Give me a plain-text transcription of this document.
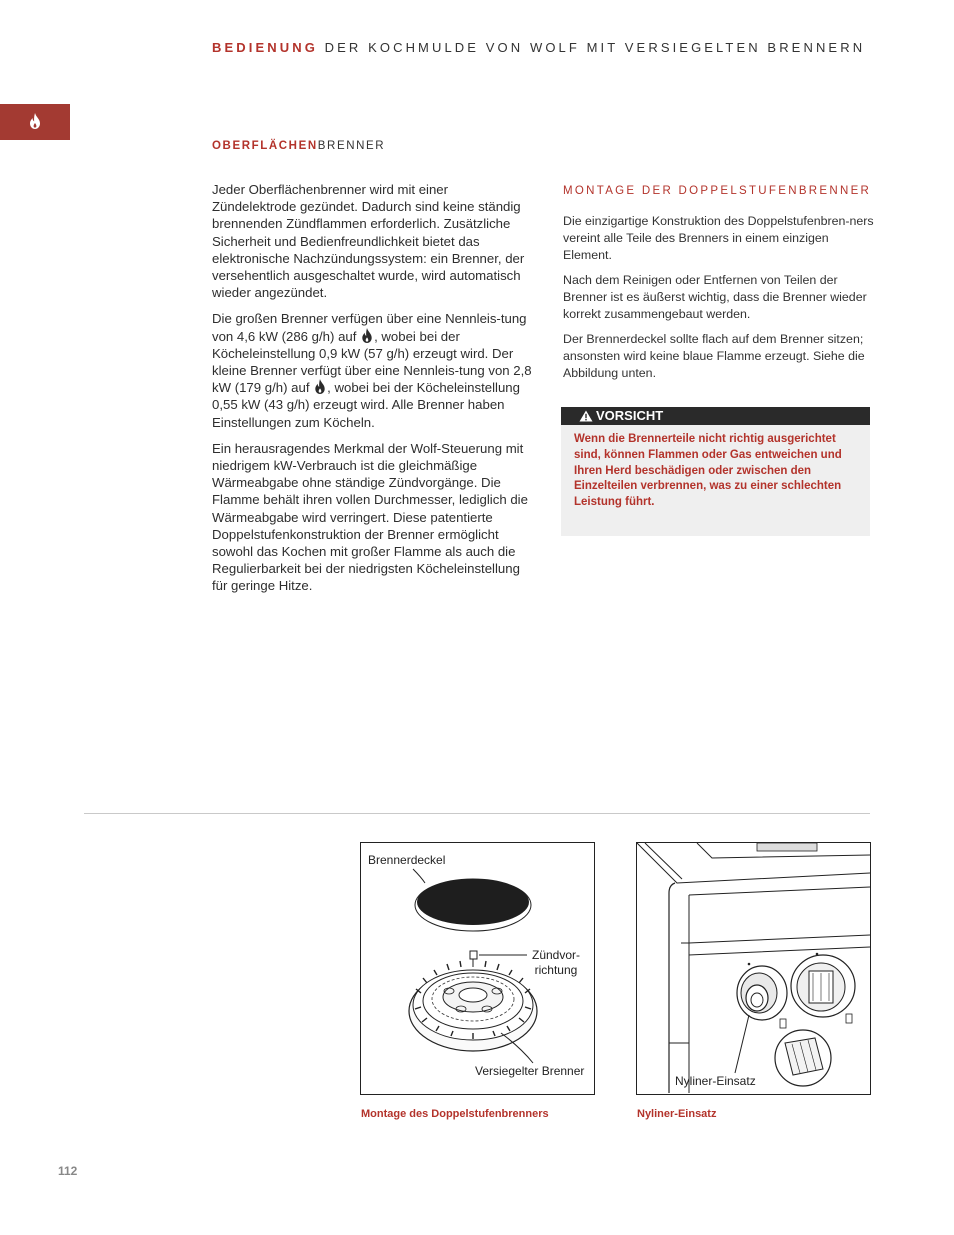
BEDIENUNG DER KOCHMULDE VON WOLF MIT VERSIEGELTEN BRENNERN
OBERFLÄCHENBRENNER

Jeder Oberflächenbrenner wird mit einer Zündelektrode gezündet. Dadurch sind keine ständig brennenden Zündflammen erforderlich. Zusätzliche Sicherheit und Bedienfreundlichkeit bietet das elektronische Nachzündungssystem: ein Brenner, der versehentlich ausgeschaltet wurde, wird automatisch wieder angezündet.

Die großen Brenner verfügen über eine Nennleis-tung von 4,6 kW (286 g/h) auf , wobei bei der Köcheleinstellung 0,9 kW (57 g/h) erzeugt wird. Der kleine Brenner verfügt über eine Nennleis-tung von 2,8 kW (179 g/h) auf , wobei bei der Köcheleinstellung 0,55 kW (43 g/h) erzeugt wird. Alle Brenner haben Einstellungen zum Köcheln.

Ein herausragendes Merkmal der Wolf-Steuerung mit niedrigem kW-Verbrauch ist die gleichmäßige Wärmeabgabe ohne ständige Zündvorgänge. Die Flamme behält ihren vollen Durchmesser, lediglich die Wärmeabgabe wird verringert. Diese patentierte Doppelstufenkonstruktion der Brenner ermöglicht sowohl das Kochen mit großer Flamme als auch die Regulierbarkeit bei der niedrigsten Köcheleinstellung für geringe Hitze.

MONTAGE DER DOPPELSTUFENBRENNER

Die einzigartige Konstruktion des Doppelstufenbren-ners vereint alle Teile des Brenners in einem einzigen Element.

Nach dem Reinigen oder Entfernen von Teilen der Brenner ist es äußerst wichtig, dass die Brenner wieder korrekt zusammengebaut werden.

Der Brennerdeckel sollte flach auf dem Brenner sitzen; ansonsten wird keine blaue Flamme erzeugt. Siehe die Abbildung unten.

VORSICHT
Wenn die Brennerteile nicht richtig ausgerichtet sind, können Flammen oder Gas entweichen und Ihren Herd beschädigen oder zwischen den Einzelteilen verbrennen, was zu einer schlechten Leistung führt.
Brennerdeckel
Zündvor-
richtung
Versiegelter Brenner
Montage des Doppelstufenbrenners
Nyliner-Einsatz
Nyliner-Einsatz
112
